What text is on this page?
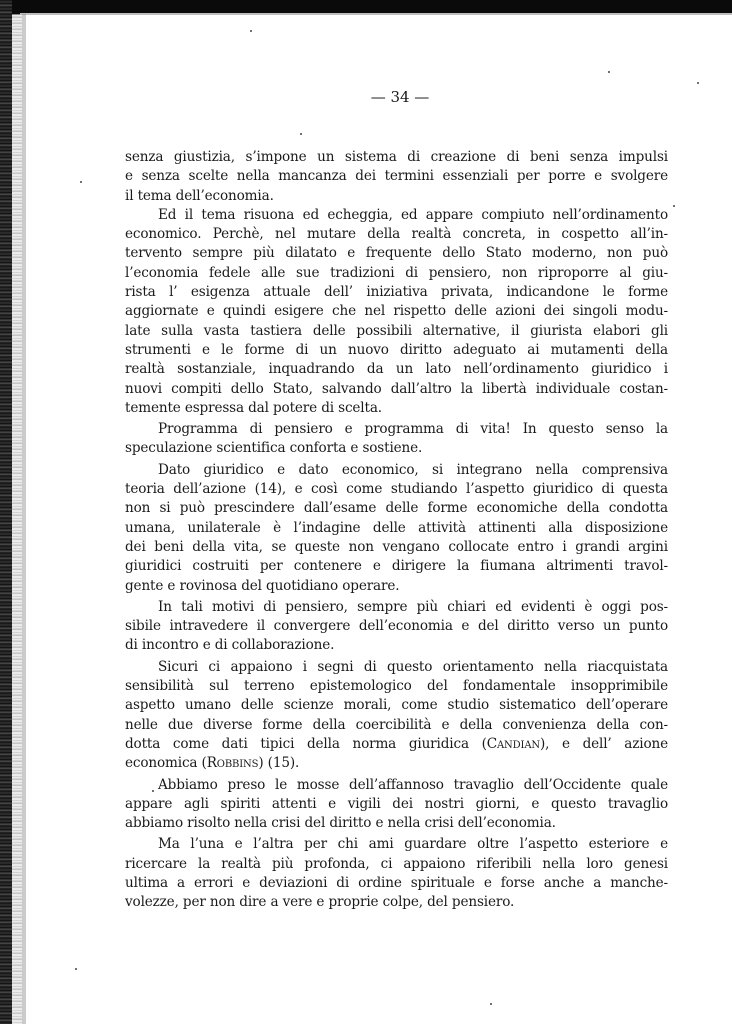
— 34 —
senza giustizia, s’impone un sistema di creazione di beni senza impulsi
e senza scelte nella mancanza dei termini essenziali per porre e svolgere
il tema dell’economia.
Ed il tema risuona ed echeggia, ed appare compiuto nell’ordinamento
economico. Perchè, nel mutare della realtà concreta, in cospetto all’in-
tervento sempre più dilatato e frequente dello Stato moderno, non può
l’economia fedele alle sue tradizioni di pensiero, non riproporre al giu-
rista l’ esigenza attuale dell’ iniziativa privata, indicandone le forme
aggiornate e quindi esigere che nel rispetto delle azioni dei singoli modu-
late sulla vasta tastiera delle possibili alternative, il giurista elabori gli
strumenti e le forme di un nuovo diritto adeguato ai mutamenti della
realtà sostanziale, inquadrando da un lato nell’ordinamento giuridico i
nuovi compiti dello Stato, salvando dall’altro la libertà individuale costan-
temente espressa dal potere di scelta.
Programma di pensiero e programma di vita! In questo senso la
speculazione scientifica conforta e sostiene.
Dato giuridico e dato economico, si integrano nella comprensiva
teoria dell’azione (14), e così come studiando l’aspetto giuridico di questa
non si può prescindere dall’esame delle forme economiche della condotta
umana, unilaterale è l’indagine delle attività attinenti alla disposizione
dei beni della vita, se queste non vengano collocate entro i grandi argini
giuridici costruiti per contenere e dirigere la fiumana altrimenti travol-
gente e rovinosa del quotidiano operare.
In tali motivi di pensiero, sempre più chiari ed evidenti è oggi pos-
sibile intravedere il convergere dell’economia e del diritto verso un punto
di incontro e di collaborazione.
Sicuri ci appaiono i segni di questo orientamento nella riacquistata
sensibilità sul terreno epistemologico del fondamentale insopprimibile
aspetto umano delle scienze morali, come studio sistematico dell’operare
nelle due diverse forme della coercibilità e della convenienza della con-
dotta come dati tipici della norma giuridica (Candian), e dell’ azione
economica (Robbins) (15).
Abbiamo preso le mosse dell’affannoso travaglio dell’Occidente quale
appare agli spiriti attenti e vigili dei nostri giorni, e questo travaglio
abbiamo risolto nella crisi del diritto e nella crisi dell’economia.
Ma l’una e l’altra per chi ami guardare oltre l’aspetto esteriore e
ricercare la realtà più profonda, ci appaiono riferibili nella loro genesi
ultima a errori e deviazioni di ordine spirituale e forse anche a manche-
volezze, per non dire a vere e proprie colpe, del pensiero.
